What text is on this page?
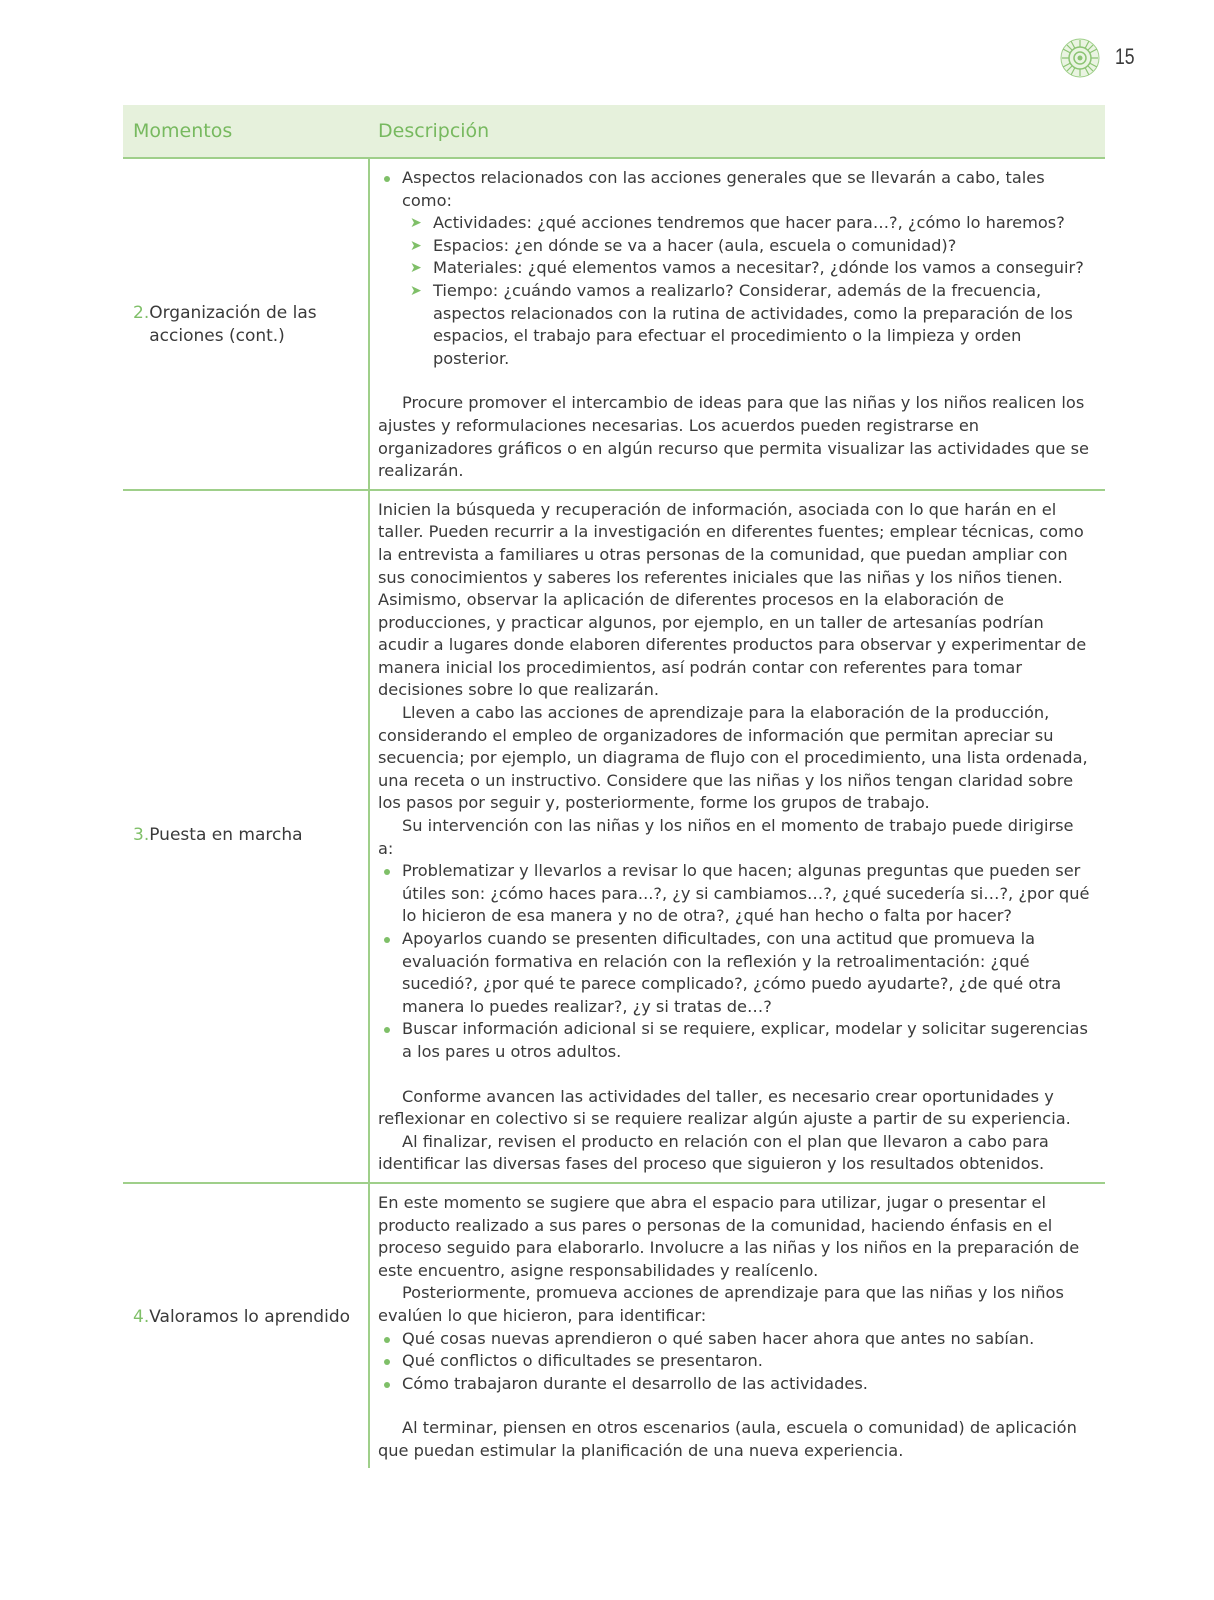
15
Momentos	Descripción
2.Organización de las acciones (cont.)
Aspectos relacionados con las acciones generales que se llevarán a cabo, tales como:
➤ Actividades: ¿qué acciones tendremos que hacer para…?, ¿cómo lo haremos?
➤ Espacios: ¿en dónde se va a hacer (aula, escuela o comunidad)?
➤ Materiales: ¿qué elementos vamos a necesitar?, ¿dónde los vamos a conseguir?
➤ Tiempo: ¿cuándo vamos a realizarlo? Considerar, además de la frecuencia, aspectos relacionados con la rutina de actividades, como la preparación de los espacios, el trabajo para efectuar el procedimiento o la limpieza y orden posterior.

Procure promover el intercambio de ideas para que las niñas y los niños realicen los ajustes y reformulaciones necesarias. Los acuerdos pueden registrarse en organizadores gráficos o en algún recurso que permita visualizar las actividades que se realizarán.

3.Puesta en marcha

Inicien la búsqueda y recuperación de información, asociada con lo que harán en el taller. Pueden recurrir a la investigación en diferentes fuentes; emplear técnicas, como la entrevista a familiares u otras personas de la comunidad, que puedan ampliar con sus conocimientos y saberes los referentes iniciales que las niñas y los niños tienen. Asimismo, observar la aplicación de diferentes procesos en la elaboración de producciones, y practicar algunos, por ejemplo, en un taller de artesanías podrían acudir a lugares donde elaboren diferentes productos para observar y experimentar de manera inicial los procedimientos, así podrán contar con referentes para tomar decisiones sobre lo que realizarán.

Lleven a cabo las acciones de aprendizaje para la elaboración de la producción, considerando el empleo de organizadores de información que permitan apreciar su secuencia; por ejemplo, un diagrama de flujo con el procedimiento, una lista ordenada, una receta o un instructivo. Considere que las niñas y los niños tengan claridad sobre los pasos por seguir y, posteriormente, forme los grupos de trabajo.

Su intervención con las niñas y los niños en el momento de trabajo puede dirigirse a:

Problematizar y llevarlos a revisar lo que hacen; algunas preguntas que pueden ser útiles son: ¿cómo haces para...?, ¿y si cambiamos…?, ¿qué sucedería si…?, ¿por qué lo hicieron de esa manera y no de otra?, ¿qué han hecho o falta por hacer?
Apoyarlos cuando se presenten dificultades, con una actitud que promueva la evaluación formativa en relación con la reflexión y la retroalimentación: ¿qué sucedió?, ¿por qué te parece complicado?, ¿cómo puedo ayudarte?, ¿de qué otra manera lo puedes realizar?, ¿y si tratas de…?
Buscar información adicional si se requiere, explicar, modelar y solicitar sugerencias a los pares u otros adultos.

Conforme avancen las actividades del taller, es necesario crear oportunidades y reflexionar en colectivo si se requiere realizar algún ajuste a partir de su experiencia.

Al finalizar, revisen el producto en relación con el plan que llevaron a cabo para identificar las diversas fases del proceso que siguieron y los resultados obtenidos.

4.Valoramos lo aprendido

En este momento se sugiere que abra el espacio para utilizar, jugar o presentar el producto realizado a sus pares o personas de la comunidad, haciendo énfasis en el proceso seguido para elaborarlo. Involucre a las niñas y los niños en la preparación de este encuentro, asigne responsabilidades y realícenlo.

Posteriormente, promueva acciones de aprendizaje para que las niñas y los niños evalúen lo que hicieron, para identificar:

Qué cosas nuevas aprendieron o qué saben hacer ahora que antes no sabían.
Qué conflictos o dificultades se presentaron.
Cómo trabajaron durante el desarrollo de las actividades.

Al terminar, piensen en otros escenarios (aula, escuela o comunidad) de aplicación que puedan estimular la planificación de una nueva experiencia.
